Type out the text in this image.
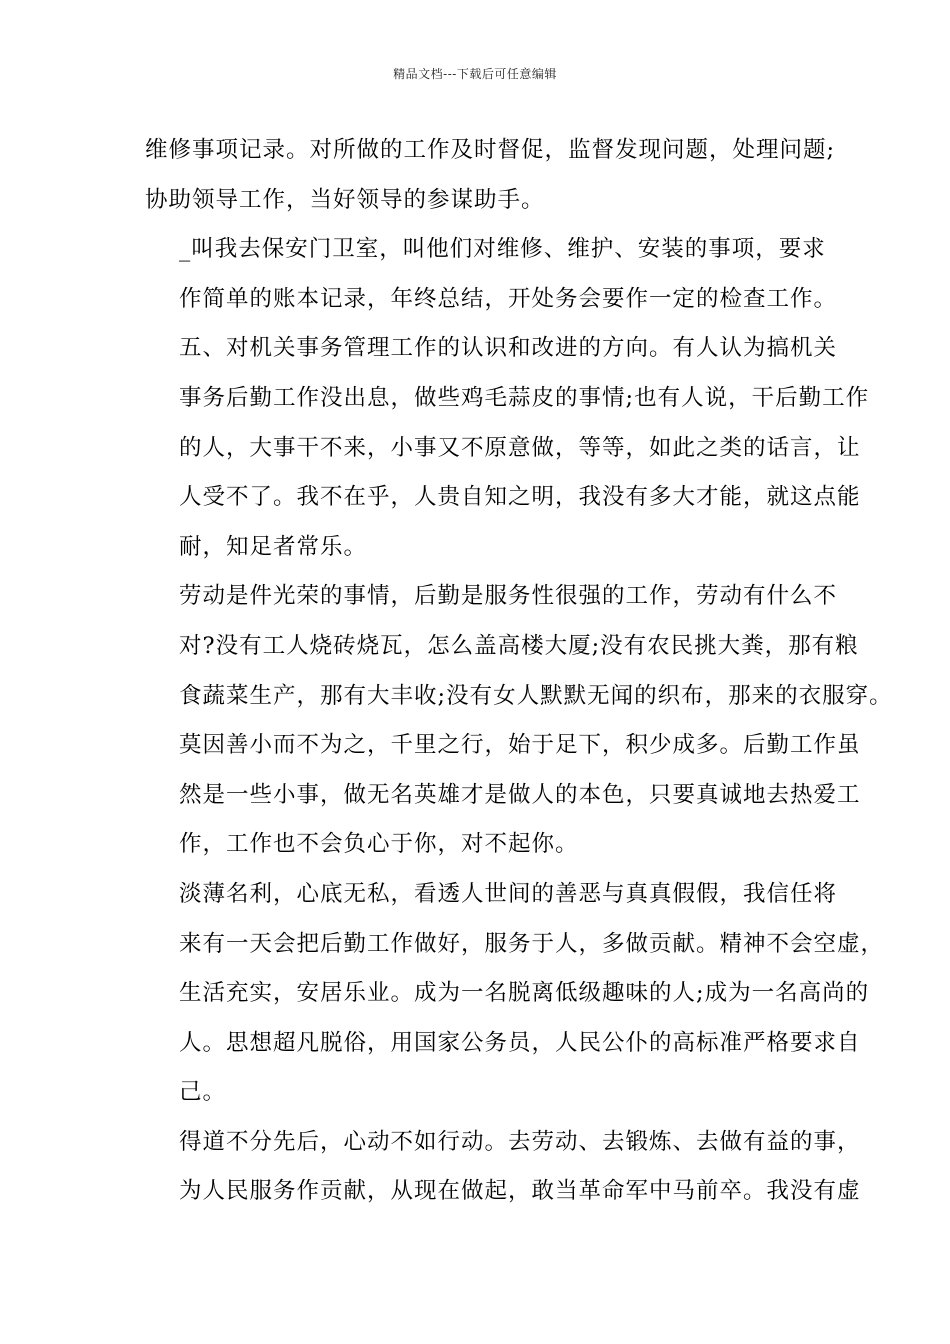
精品文档---下载后可任意编辑

维修事项记录。对所做的工作及时督促，监督发现问题，处理问题;
协助领导工作，当好领导的参谋助手。

_叫我去保安门卫室，叫他们对维修、维护、安装的事项，要求
作简单的账本记录，年终总结，开处务会要作一定的检查工作。

五、对机关事务管理工作的认识和改进的方向。有人认为搞机关
事务后勤工作没出息，做些鸡毛蒜皮的事情;也有人说，干后勤工作
的人，大事干不来，小事又不原意做，等等，如此之类的话言，让
人受不了。我不在乎，人贵自知之明，我没有多大才能，就这点能
耐，知足者常乐。

劳动是件光荣的事情，后勤是服务性很强的工作，劳动有什么不
对?没有工人烧砖烧瓦，怎么盖高楼大厦;没有农民挑大粪，那有粮
食蔬菜生产，那有大丰收;没有女人默默无闻的织布，那来的衣服穿。
莫因善小而不为之，千里之行，始于足下，积少成多。后勤工作虽
然是一些小事，做无名英雄才是做人的本色，只要真诚地去热爱工
作，工作也不会负心于你，对不起你。

淡薄名利，心底无私，看透人世间的善恶与真真假假，我信任将
来有一天会把后勤工作做好，服务于人，多做贡献。精神不会空虚，
生活充实，安居乐业。成为一名脱离低级趣味的人;成为一名高尚的
人。思想超凡脱俗，用国家公务员，人民公仆的高标准严格要求自
己。

得道不分先后，心动不如行动。去劳动、去锻炼、去做有益的事，
为人民服务作贡献，从现在做起，敢当革命军中马前卒。我没有虚
